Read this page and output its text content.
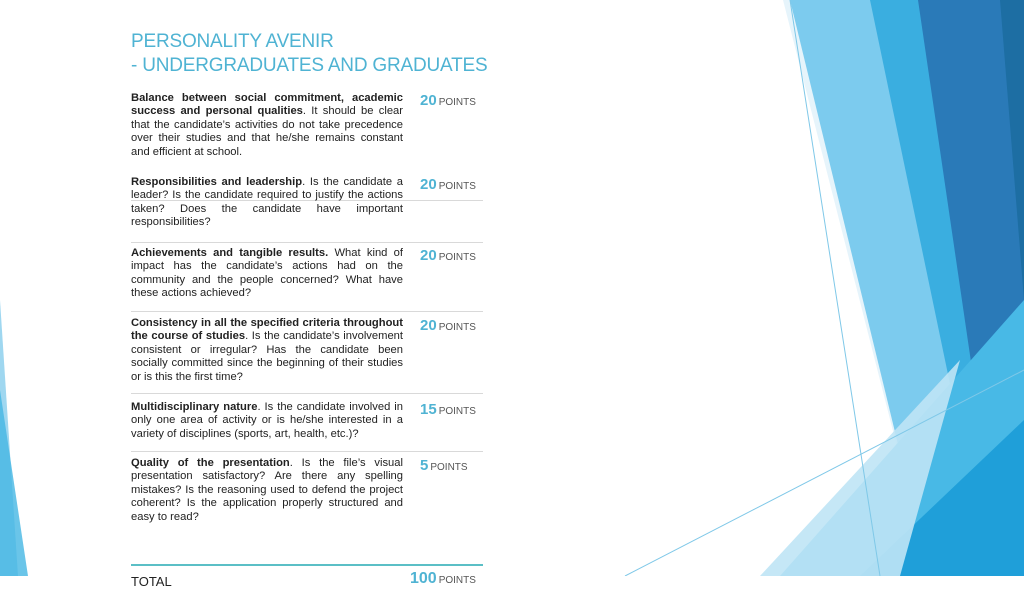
PERSONALITY AVENIR
- UNDERGRADUATES AND GRADUATES
Balance between social commitment, academic success and personal qualities. It should be clear that the candidate’s activities do not take precedence over their studies and that he/she remains constant and efficient at school.
20 POINTS
Responsibilities and leadership. Is the candidate a leader? Is the candidate required to justify the actions taken? Does the candidate have important responsibilities?
20 POINTS
Achievements and tangible results. What kind of impact has the candidate’s actions had on the community and the people concerned? What have these actions achieved?
20 POINTS
Consistency in all the specified criteria throughout the course of studies. Is the candidate’s involvement consistent or irregular? Has the candidate been socially committed since the beginning of their studies or is this the first time?
20 POINTS
Multidisciplinary nature. Is the candidate involved in only one area of activity or is he/she interested in a variety of disciplines (sports, art, health, etc.)?
15 POINTS
Quality of the presentation. Is the file’s visual presentation satisfactory? Are there any spelling mistakes? Is the reasoning used to defend the project coherent? Is the application properly structured and easy to read?
5 POINTS
TOTAL	100 POINTS
